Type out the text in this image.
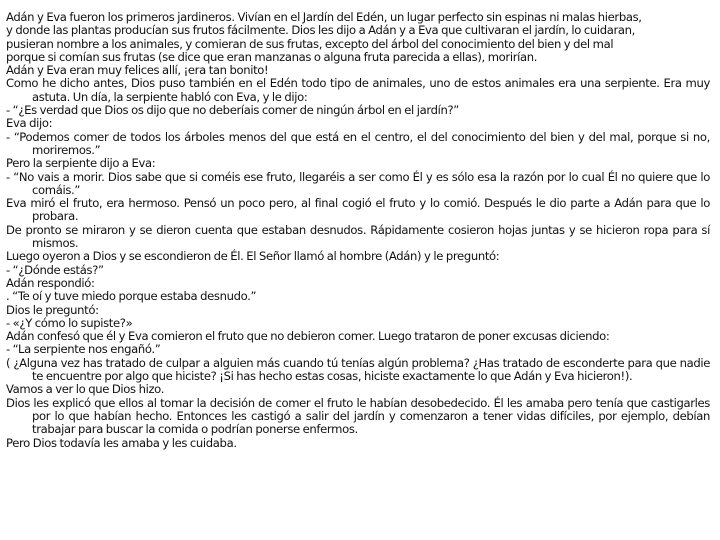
Adán y Eva fueron los primeros jardineros. Vivían en el Jardín del Edén, un lugar perfecto sin espinas ni malas hierbas,

y donde las plantas producían sus frutos fácilmente. Dios les dijo a Adán y a Eva que cultivaran el jardín, lo cuidaran,

pusieran nombre a los animales, y comieran de sus frutas, excepto del árbol del conocimiento del bien y del mal

porque si comían sus frutas (se dice que eran manzanas o alguna fruta parecida a ellas), morirían.

Adán y Eva eran muy felices allí, ¡era tan bonito!

Como he dicho antes, Dios puso también en el Edén todo tipo de animales, uno de estos animales era una serpiente. Era muy astuta. Un día, la serpiente habló con Eva, y le dijo:

- “¿Es verdad que Dios os dijo que no deberíais comer de ningún árbol en el jardín?”

Eva dijo:

- “Podemos comer de todos los árboles menos del que está en el centro, el del conocimiento del bien y del mal, porque si no, moriremos.”

Pero la serpiente dijo a Eva:

- “No vais a morir. Dios sabe que si coméis ese fruto, llegaréis a ser como Él y es sólo esa la razón por lo cual Él no quiere que lo comáis.”

Eva miró el fruto, era hermoso. Pensó un poco pero, al final cogió el fruto y lo comió. Después le dio parte a Adán para que lo probara.

De pronto se miraron y se dieron cuenta que estaban desnudos. Rápidamente cosieron hojas juntas y se hicieron ropa para sí mismos.

Luego oyeron a Dios y se escondieron de Él. El Señor llamó al hombre (Adán) y le preguntó:

- “¿Dónde estás?”

Adán respondió:

. “Te oí y tuve miedo porque estaba desnudo.”

Dios le preguntó:

- «¿Y cómo lo supiste?»

Adán confesó que él y Eva comieron el fruto que no debieron comer. Luego trataron de poner excusas diciendo:

- “La serpiente nos engañó.”

( ¿Alguna vez has tratado de culpar a alguien más cuando tú tenías algún problema? ¿Has tratado de esconderte para que nadie te encuentre por algo que hiciste? ¡Si has hecho estas cosas, hiciste exactamente lo que Adán y Eva hicieron!).

Vamos a ver lo que Dios hizo.

Dios les explicó que ellos al tomar la decisión de comer el fruto le habían desobedecido. Él les amaba pero tenía que castigarles por lo que habían hecho. Entonces les castigó a salir del jardín y comenzaron a tener vidas difíciles, por ejemplo, debían trabajar para buscar la comida o podrían ponerse enfermos.

Pero Dios todavía les amaba y les cuidaba.
